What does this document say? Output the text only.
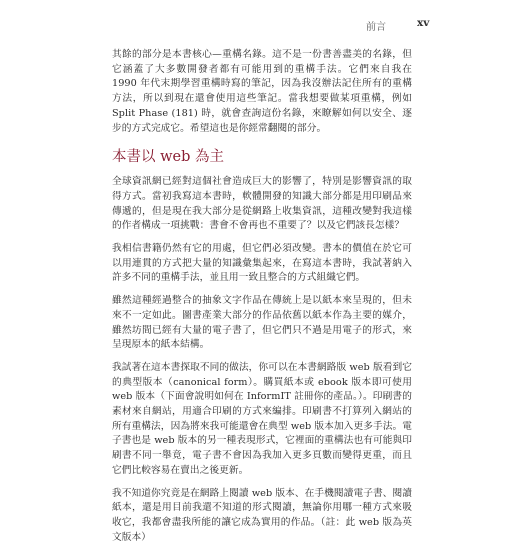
前言	xv

其餘的部分是本書核心—重構名錄。這不是一份書善盡美的名錄，但它涵蓋了大多數開發者都有可能用到的重構手法。它們來自我在 1990 年代末期學習重構時寫的筆記，因為我沒辦法記住所有的重構方法，所以到現在還會使用這些筆記。當我想要做某項重構，例如 Split Phase (181) 時，就會查詢這份名錄，來瞭解如何以安全、逐步的方式完成它。希望這也是你經常翻閱的部分。

本書以 web 為主

全球資訊網已經對這個社會造成巨大的影響了，特別是影響資訊的取得方式。當初我寫這本書時，軟體開發的知識大部分都是用印刷品來傳遞的，但是現在我大部分是從網路上收集資訊，這種改變對我這樣的作者構成一項挑戰：書會不會再也不重要了？以及它們該長怎樣？

我相信書籍仍然有它的用處，但它們必須改變。書本的價值在於它可以用連貫的方式把大量的知識彙集起來，在寫這本書時，我試著納入許多不同的重構手法，並且用一致且整合的方式組織它們。

雖然這種經過整合的抽象文字作品在傳統上是以紙本來呈現的，但未來不一定如此。圖書產業大部分的作品依舊以紙本作為主要的媒介，雖然坊間已經有大量的電子書了，但它們只不過是用電子的形式，來呈現原本的紙本結構。

我試著在這本書探取不同的做法，你可以在本書網路版 web 版看到它的典型版本（canonical form）。購買紙本或 ebook 版本即可使用 web 版本（下面會說明如何在 InformIT 註冊你的產品。）。印刷書的素材來自網站，用適合印刷的方式來編排。印刷書不打算列入網站的所有重構法，因為將來我可能還會在典型 web 版本加入更多手法。電子書也是 web 版本的另一種表現形式，它裡面的重構法也有可能與印刷書不同一舉竟，電子書不會因為我加入更多頁數而變得更重，而且它們比較容易在賣出之後更新。

我不知道你究竟是在網路上閱讀 web 版本、在手機閱讀電子書、閱讀紙本，還是用目前我還不知道的形式閱讀，無論你用哪一種方式來吸收它，我都會盡我所能的讓它成為實用的作品。（註：此 web 版為英文版本）
